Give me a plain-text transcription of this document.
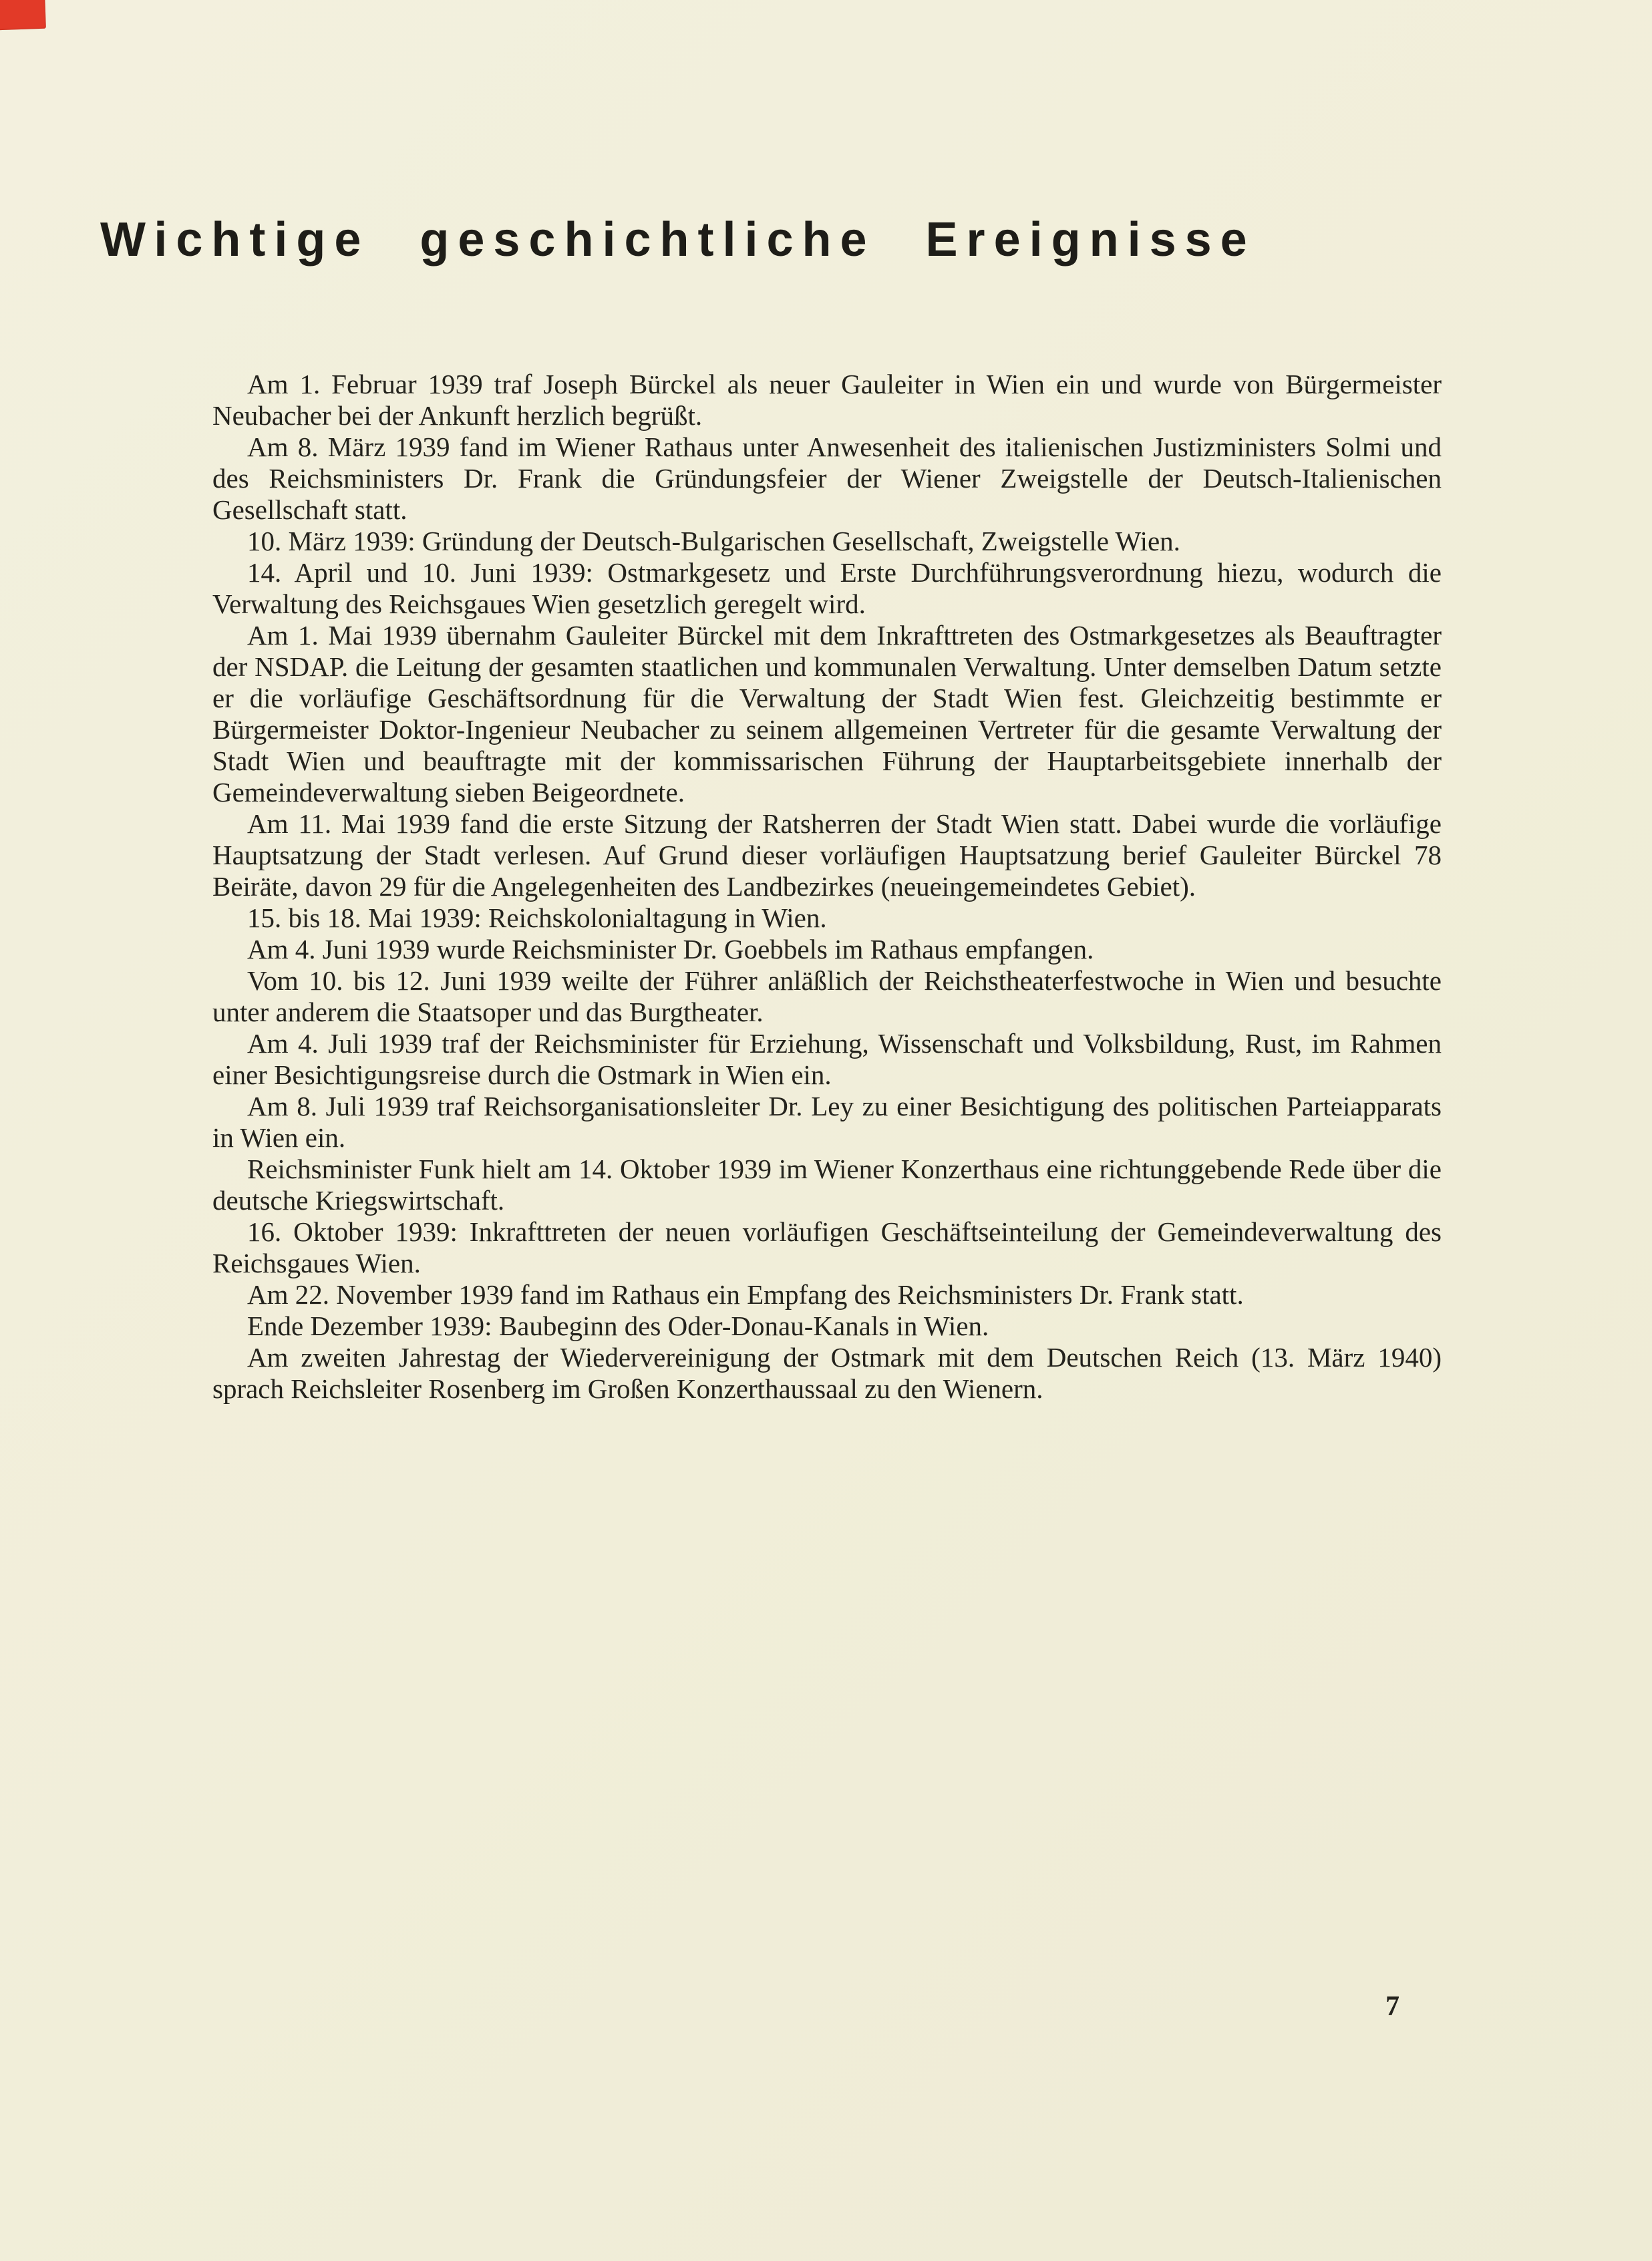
Wichtige geschichtliche Ereignisse

Am 1. Februar 1939 traf Joseph Bürckel als neuer Gauleiter in Wien ein und wurde von Bürgermeister Neubacher bei der Ankunft herzlich begrüßt.

Am 8. März 1939 fand im Wiener Rathaus unter Anwesenheit des italienischen Justizministers Solmi und des Reichsministers Dr. Frank die Gründungsfeier der Wiener Zweigstelle der Deutsch-Italienischen Gesellschaft statt.

10. März 1939: Gründung der Deutsch-Bulgarischen Gesellschaft, Zweigstelle Wien.

14. April und 10. Juni 1939: Ostmarkgesetz und Erste Durchführungsverordnung hiezu, wodurch die Verwaltung des Reichsgaues Wien gesetzlich geregelt wird.

Am 1. Mai 1939 übernahm Gauleiter Bürckel mit dem Inkrafttreten des Ostmarkgesetzes als Beauftragter der NSDAP. die Leitung der gesamten staatlichen und kommunalen Verwaltung. Unter demselben Datum setzte er die vorläufige Geschäftsordnung für die Verwaltung der Stadt Wien fest. Gleichzeitig bestimmte er Bürgermeister Doktor-Ingenieur Neubacher zu seinem allgemeinen Vertreter für die gesamte Verwaltung der Stadt Wien und beauftragte mit der kommissarischen Führung der Hauptarbeitsgebiete innerhalb der Gemeindeverwaltung sieben Beigeordnete.

Am 11. Mai 1939 fand die erste Sitzung der Ratsherren der Stadt Wien statt. Dabei wurde die vorläufige Hauptsatzung der Stadt verlesen. Auf Grund dieser vorläufigen Hauptsatzung berief Gauleiter Bürckel 78 Beiräte, davon 29 für die Angelegenheiten des Landbezirkes (neueingemeindetes Gebiet).

15. bis 18. Mai 1939: Reichskolonialtagung in Wien.

Am 4. Juni 1939 wurde Reichsminister Dr. Goebbels im Rathaus empfangen.

Vom 10. bis 12. Juni 1939 weilte der Führer anläßlich der Reichstheaterfestwoche in Wien und besuchte unter anderem die Staatsoper und das Burgtheater.

Am 4. Juli 1939 traf der Reichsminister für Erziehung, Wissenschaft und Volksbildung, Rust, im Rahmen einer Besichtigungsreise durch die Ostmark in Wien ein.

Am 8. Juli 1939 traf Reichsorganisationsleiter Dr. Ley zu einer Besichtigung des politischen Parteiapparats in Wien ein.

Reichsminister Funk hielt am 14. Oktober 1939 im Wiener Konzerthaus eine richtunggebende Rede über die deutsche Kriegswirtschaft.

16. Oktober 1939: Inkrafttreten der neuen vorläufigen Geschäftseinteilung der Gemeindeverwaltung des Reichsgaues Wien.

Am 22. November 1939 fand im Rathaus ein Empfang des Reichsministers Dr. Frank statt.

Ende Dezember 1939: Baubeginn des Oder-Donau-Kanals in Wien.

Am zweiten Jahrestag der Wiedervereinigung der Ostmark mit dem Deutschen Reich (13. März 1940) sprach Reichsleiter Rosenberg im Großen Konzerthaussaal zu den Wienern.

7
